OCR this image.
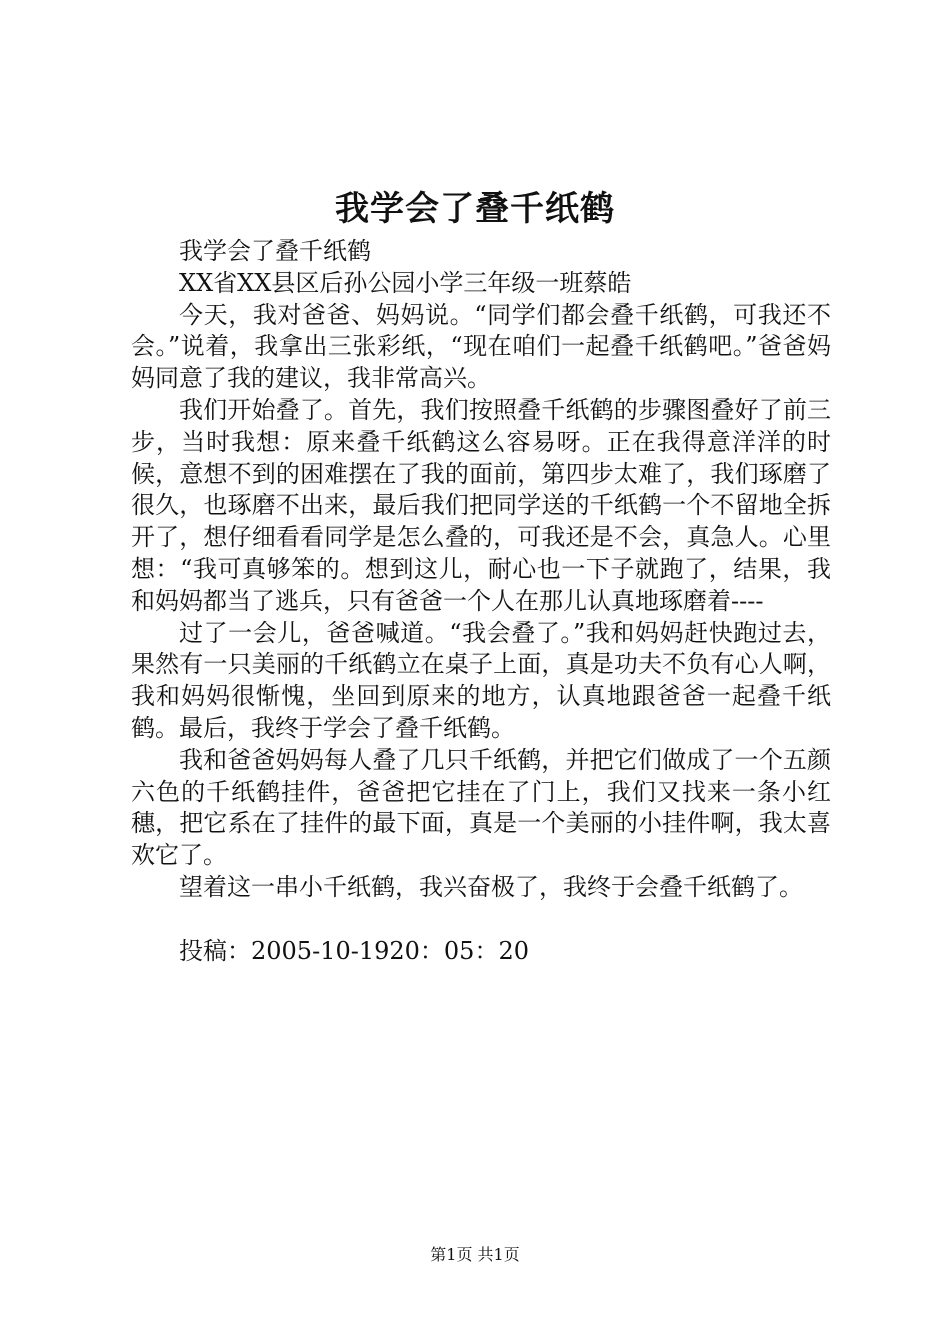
我学会了叠千纸鹤

我学会了叠千纸鹤

XX省XX县区后孙公园小学三年级一班蔡皓

今天，我对爸爸、妈妈说。“同学们都会叠千纸鹤，可我还不会。”说着，我拿出三张彩纸，“现在咱们一起叠千纸鹤吧。”爸爸妈妈同意了我的建议，我非常高兴。

我们开始叠了。首先，我们按照叠千纸鹤的步骤图叠好了前三步，当时我想：原来叠千纸鹤这么容易呀。正在我得意洋洋的时候，意想不到的困难摆在了我的面前，第四步太难了，我们琢磨了很久，也琢磨不出来，最后我们把同学送的千纸鹤一个不留地全拆开了，想仔细看看同学是怎么叠的，可我还是不会，真急人。心里想：“我可真够笨的。想到这儿，耐心也一下子就跑了，结果，我和妈妈都当了逃兵，只有爸爸一个人在那儿认真地琢磨着----

过了一会儿，爸爸喊道。“我会叠了。”我和妈妈赶快跑过去，果然有一只美丽的千纸鹤立在桌子上面，真是功夫不负有心人啊，我和妈妈很惭愧，坐回到原来的地方，认真地跟爸爸一起叠千纸鹤。最后，我终于学会了叠千纸鹤。

我和爸爸妈妈每人叠了几只千纸鹤，并把它们做成了一个五颜六色的千纸鹤挂件，爸爸把它挂在了门上，我们又找来一条小红穗，把它系在了挂件的最下面，真是一个美丽的小挂件啊，我太喜欢它了。

望着这一串小千纸鹤，我兴奋极了，我终于会叠千纸鹤了。

投稿：2005-10-1920：05：20

第1页 共1页
